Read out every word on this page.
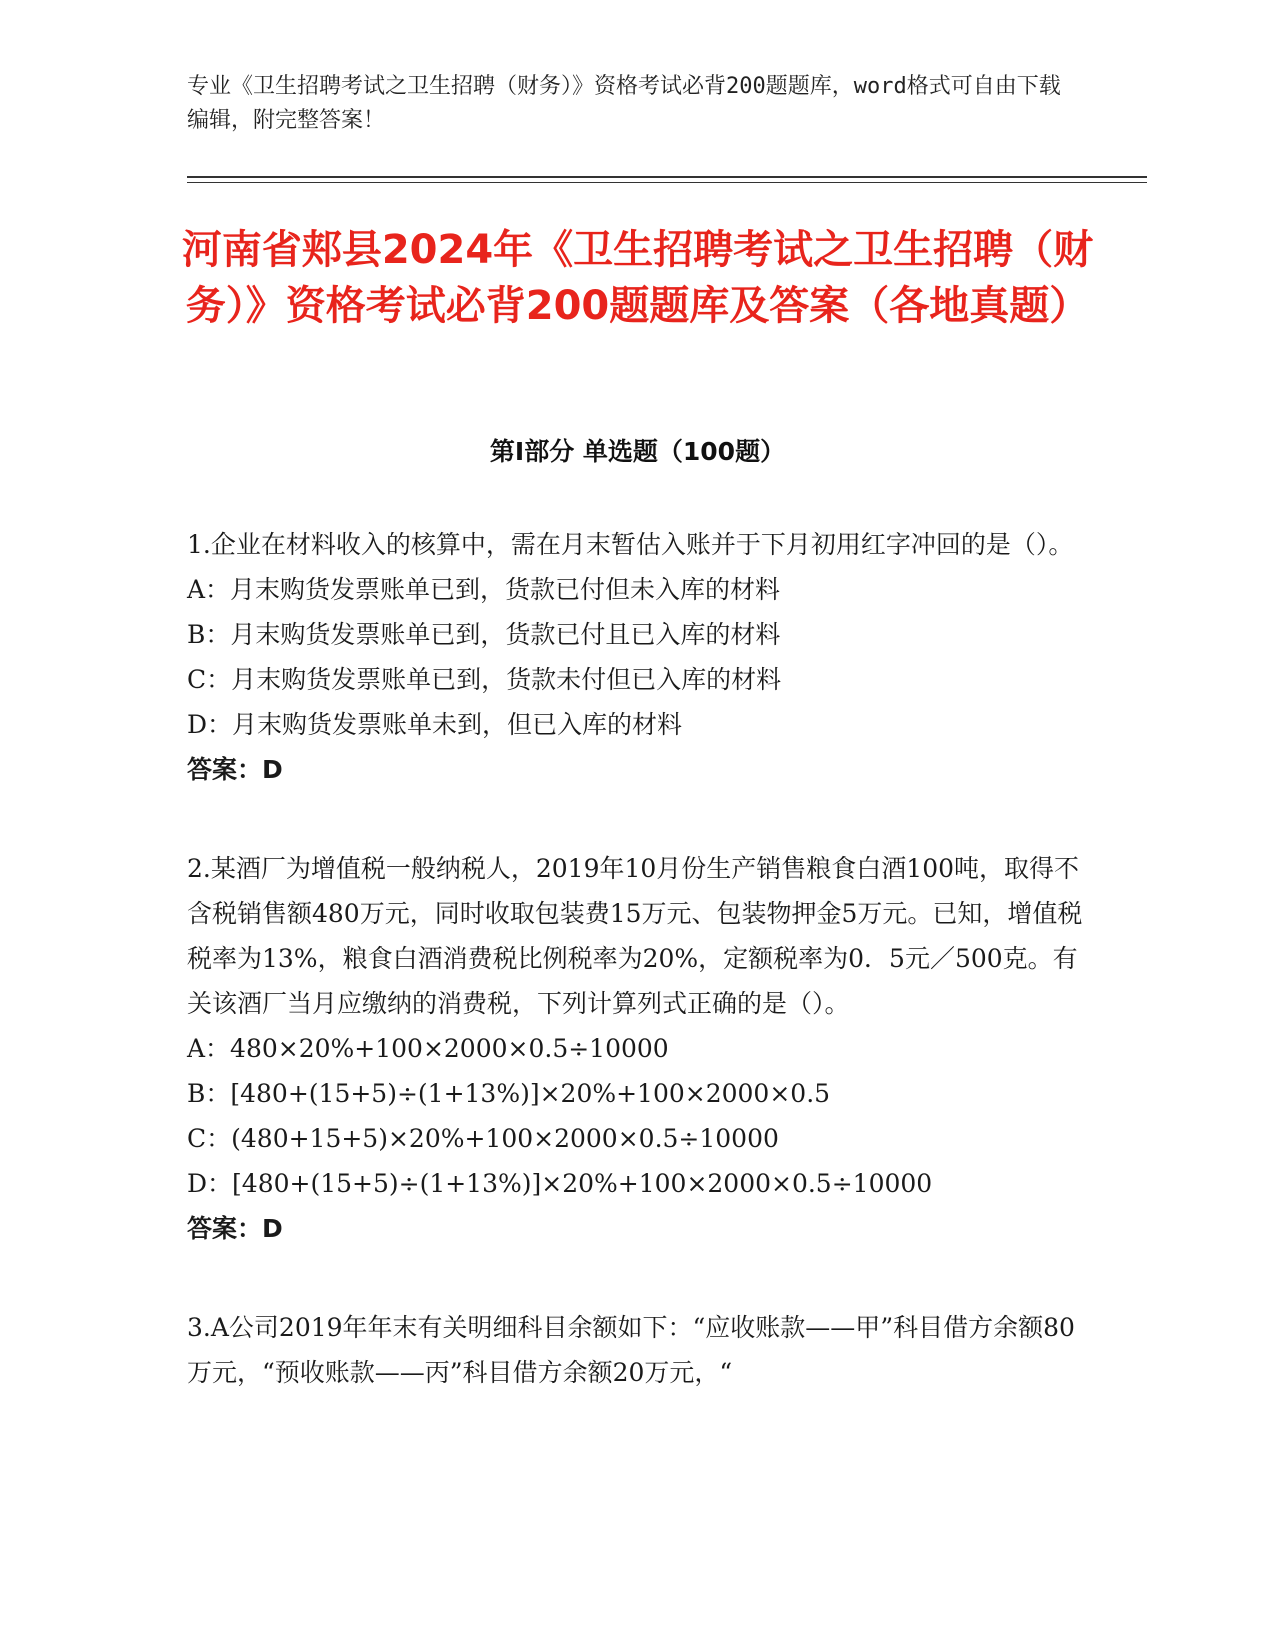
专业《卫生招聘考试之卫生招聘（财务）》资格考试必背200题题库，word格式可自由下载编辑，附完整答案！
河南省郏县2024年《卫生招聘考试之卫生招聘（财务）》资格考试必背200题题库及答案（各地真题）
第Ⅰ部分 单选题（100题）

1.企业在材料收入的核算中，需在月末暂估入账并于下月初用红字冲回的是（）。

A：月末购货发票账单已到，货款已付但未入库的材料

B：月末购货发票账单已到，货款已付且已入库的材料

C：月末购货发票账单已到，货款未付但已入库的材料

D：月末购货发票账单未到，但已入库的材料

答案：D

2.某酒厂为增值税一般纳税人，2019年10月份生产销售粮食白酒100吨，取得不含税销售额480万元，同时收取包装费15万元、包装物押金5万元。已知，增值税税率为13%，粮食白酒消费税比例税率为20%，定额税率为0．5元／500克。有关该酒厂当月应缴纳的消费税，下列计算列式正确的是（）。

A：480×20%+100×2000×0.5÷10000

B：[480+(15+5)÷(1+13%)]×20%+100×2000×0.5

C：(480+15+5)×20%+100×2000×0.5÷10000

D：[480+(15+5)÷(1+13%)]×20%+100×2000×0.5÷10000

答案：D

3.A公司2019年年末有关明细科目余额如下：“应收账款——甲”科目借方余额80万元，“预收账款——丙”科目借方余额20万元，“
